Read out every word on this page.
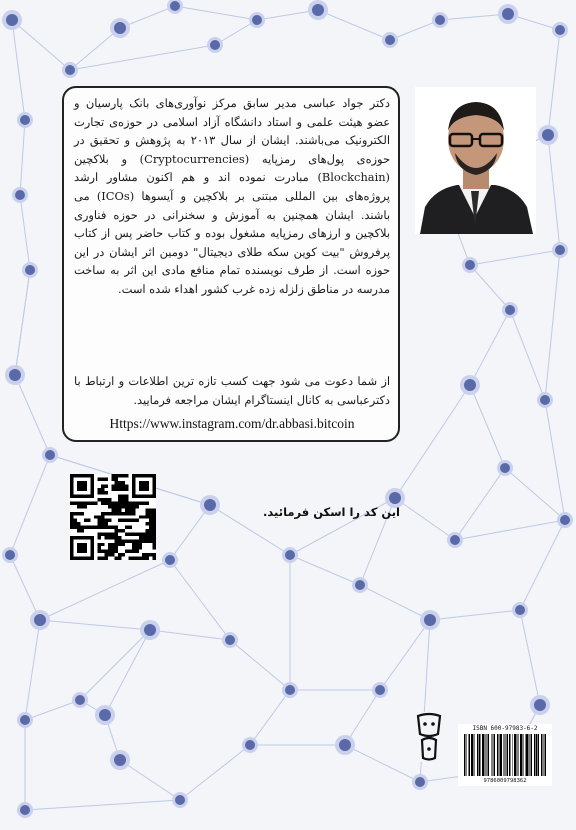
دکتر جواد عباسی مدیر سابق مرکز نوآوری‌های بانک پارسیان و عضو هیئت علمی و استاد دانشگاه آزاد اسلامی در حوزه‌ی تجارت الکترونیک می‌باشند. ایشان از سال ۲۰۱۳ به پژوهش و تحقیق در حوزه‌ی پول‌های رمزپایه (Cryptocurrencies) و بلاکچین (Blockchain) مبادرت نموده اند و هم اکنون مشاور ارشد پروژه‌های بین المللی مبتنی بر بلاکچین و آیسوها (ICOs) می باشند. ایشان همچنین به آموزش و سخنرانی در حوزه فناوری بلاکچین و ارزهای رمزپایه مشغول بوده و کتاب حاضر پس از کتاب پرفروش "بیت کوین سکه طلای دیجیتال" دومین اثر ایشان در این حوزه است. از طرف نویسنده تمام منافع مادی این اثر به ساخت مدرسه در مناطق زلزله زده غرب کشور اهداء شده است.

از شما دعوت می شود جهت کسب تازه ترین اطلاعات و ارتباط با دکترعباسی به کانال اینستاگرام ایشان مراجعه فرمایید.

Https://www.instagram.com/dr.abbasi.bitcoin
این کد را اسکن فرمائید.
ISBN 600-97983-6-2
9786009798362
